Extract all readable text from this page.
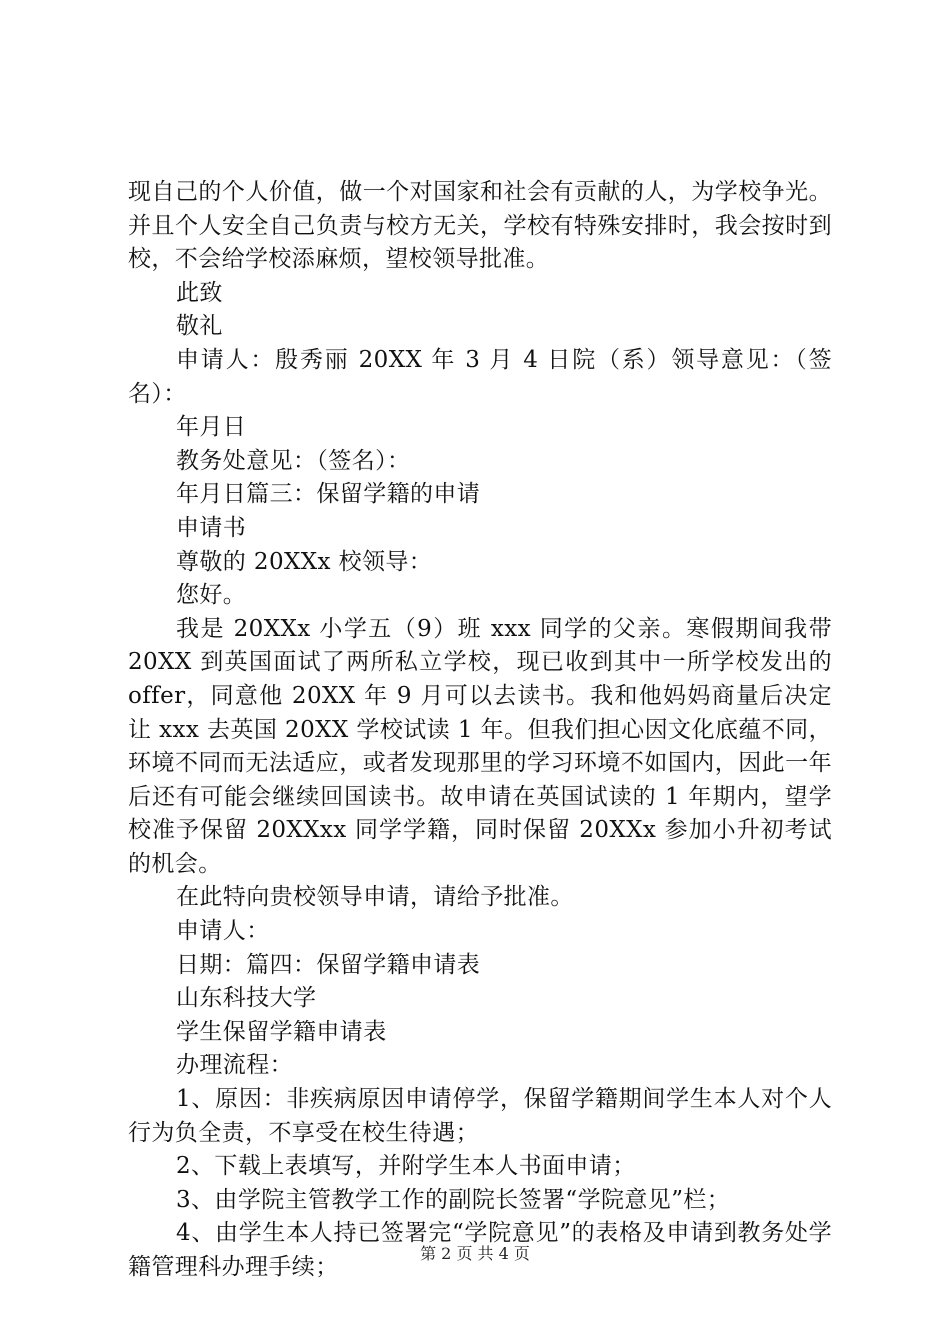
现自己的个人价值，做一个对国家和社会有贡献的人，为学校争光。并且个人安全自己负责与校方无关，学校有特殊安排时，我会按时到校，不会给学校添麻烦，望校领导批准。

此致

敬礼

申请人：殷秀丽 20XX 年 3 月 4 日院（系）领导意见：（签名）：

年月日

教务处意见：（签名）：

年月日篇三：保留学籍的申请

申请书

尊敬的 20XXx 校领导：

您好。

我是 20XXx 小学五（9）班 xxx 同学的父亲。寒假期间我带 20XX 到英国面试了两所私立学校，现已收到其中一所学校发出的 offer，同意他 20XX 年 9 月可以去读书。我和他妈妈商量后决定让 xxx 去英国 20XX 学校试读 1 年。但我们担心因文化底蕴不同，环境不同而无法适应，或者发现那里的学习环境不如国内，因此一年后还有可能会继续回国读书。故申请在英国试读的 1 年期内，望学校准予保留 20XXxx 同学学籍，同时保留 20XXx 参加小升初考试的机会。

在此特向贵校领导申请，请给予批准。

申请人：

日期：篇四：保留学籍申请表

山东科技大学

学生保留学籍申请表

办理流程：

1、原因：非疾病原因申请停学，保留学籍期间学生本人对个人行为负全责，不享受在校生待遇；

2、下载上表填写，并附学生本人书面申请；

3、由学院主管教学工作的副院长签署“学院意见”栏；

4、由学生本人持已签署完“学院意见”的表格及申请到教务处学籍管理科办理手续；

第 2 页 共 4 页
